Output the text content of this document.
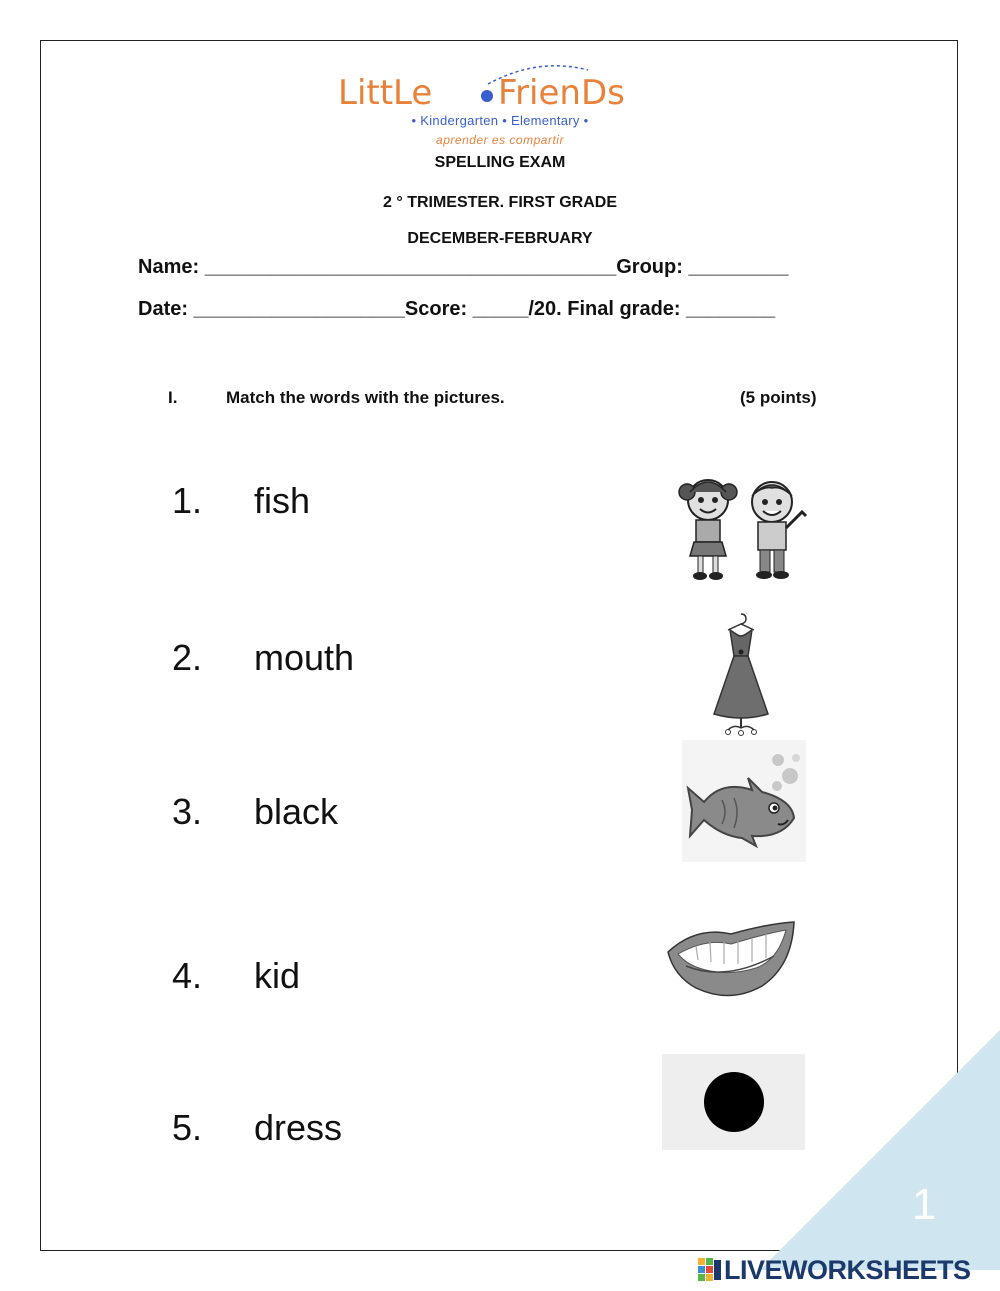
LittLe FrienDs
• Kindergarten • Elementary •
aprender es compartir
SPELLING EXAM
2 ° TRIMESTER. FIRST GRADE
DECEMBER-FEBRUARY
Name: _____________________________________Group: _________
Date: ___________________Score: _____/20. Final grade: ________
I.	Match the words with the pictures.	(5 points)
1. fish
2. mouth
3. black
4. kid
5. dress
1
LIVEWORKSHEETS
